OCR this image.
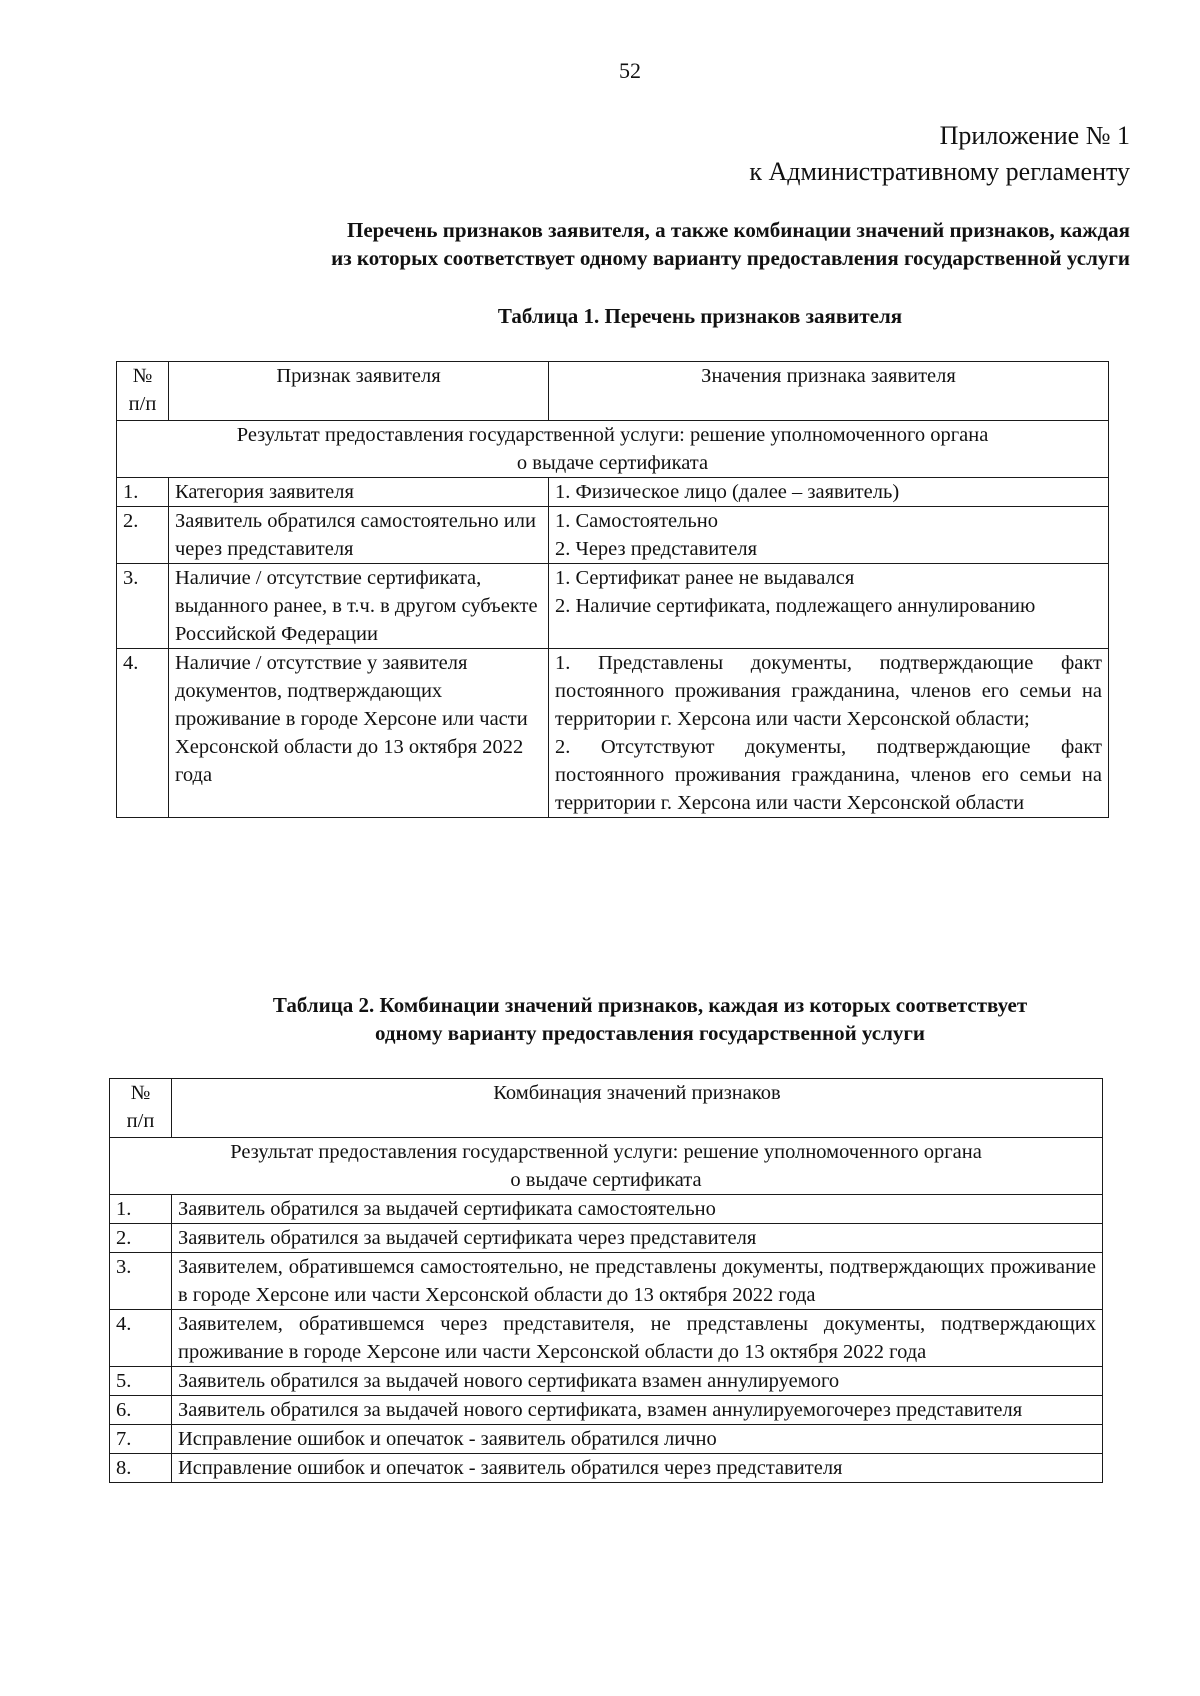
52
Приложение № 1
к Административному регламенту
Перечень признаков заявителя, а также комбинации значений признаков, каждая
из которых соответствует одному варианту предоставления государственной услуги
Таблица 1. Перечень признаков заявителя
№
п/п	Признак заявителя	Значения признака заявителя

Результат предоставления государственной услуги: решение уполномоченного органа
о выдаче сертификата		

1.	Категория заявителя	1. Физическое лицо (далее – заявитель)

2.	Заявитель обратился самостоятельно или через представителя	1. Самостоятельно
2. Через представителя

3.	Наличие / отсутствие сертификата, выданного ранее, в т.ч. в другом субъекте Российской Федерации	1. Сертификат ранее не выдавался
2. Наличие сертификата, подлежащего аннулированию

4.	Наличие / отсутствие у заявителя документов, подтверждающих проживание в городе Херсоне или части Херсонской области до 13 октября 2022 года	1. Представлены документы, подтверждающие факт постоянного проживания гражданина, членов его семьи на территории г. Херсона или части Херсонской области;
2. Отсутствуют документы, подтверждающие факт постоянного проживания гражданина, членов его семьи на территории г. Херсона или части Херсонской области
Таблица 2. Комбинации значений признаков, каждая из которых соответствует
одному варианту предоставления государственной услуги
№
п/п	Комбинация значений признаков

Результат предоставления государственной услуги: решение уполномоченного органа
о выдаче сертификата	

1.	Заявитель обратился за выдачей сертификата самостоятельно
2.	Заявитель обратился за выдачей сертификата через представителя
3.	Заявителем, обратившемся самостоятельно, не представлены документы, подтверждающих проживание в городе Херсоне или части Херсонской области до 13 октября 2022 года
4.	Заявителем, обратившемся через представителя, не представлены документы, подтверждающих проживание в городе Херсоне или части Херсонской области до 13 октября 2022 года
5.	Заявитель обратился за выдачей нового сертификата взамен аннулируемого
6.	Заявитель обратился за выдачей нового сертификата, взамен аннулируемогочерез представителя
7.	Исправление ошибок и опечаток - заявитель обратился лично
8.	Исправление ошибок и опечаток - заявитель обратился через представителя
